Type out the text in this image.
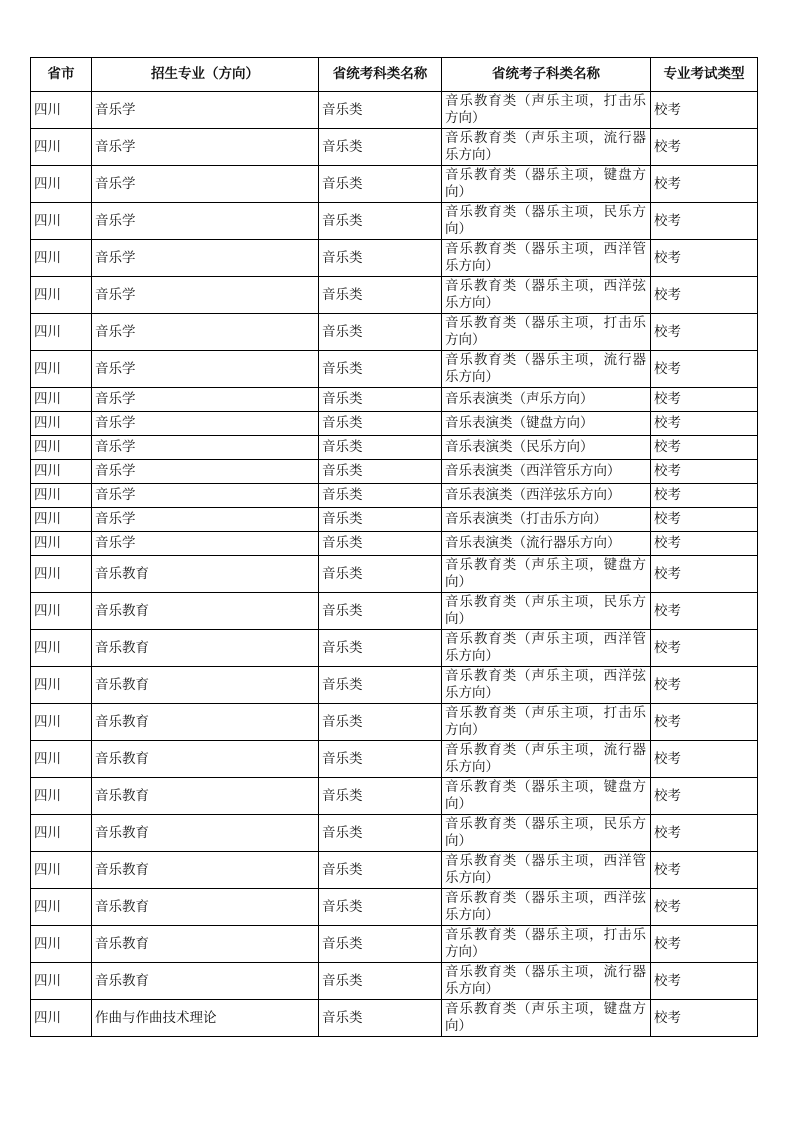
省市	招生专业（方向）	省统考科类名称	省统考子科类名称	专业考试类型
四川	音乐学	音乐类	音乐教育类（声乐主项，打击乐方向）	校考
四川	音乐学	音乐类	音乐教育类（声乐主项，流行器乐方向）	校考
四川	音乐学	音乐类	音乐教育类（器乐主项，键盘方向）	校考
四川	音乐学	音乐类	音乐教育类（器乐主项，民乐方向）	校考
四川	音乐学	音乐类	音乐教育类（器乐主项，西洋管乐方向）	校考
四川	音乐学	音乐类	音乐教育类（器乐主项，西洋弦乐方向）	校考
四川	音乐学	音乐类	音乐教育类（器乐主项，打击乐方向）	校考
四川	音乐学	音乐类	音乐教育类（器乐主项，流行器乐方向）	校考
四川	音乐学	音乐类	音乐表演类（声乐方向）	校考
四川	音乐学	音乐类	音乐表演类（键盘方向）	校考
四川	音乐学	音乐类	音乐表演类（民乐方向）	校考
四川	音乐学	音乐类	音乐表演类（西洋管乐方向）	校考
四川	音乐学	音乐类	音乐表演类（西洋弦乐方向）	校考
四川	音乐学	音乐类	音乐表演类（打击乐方向）	校考
四川	音乐学	音乐类	音乐表演类（流行器乐方向）	校考
四川	音乐教育	音乐类	音乐教育类（声乐主项，键盘方向）	校考
四川	音乐教育	音乐类	音乐教育类（声乐主项，民乐方向）	校考
四川	音乐教育	音乐类	音乐教育类（声乐主项，西洋管乐方向）	校考
四川	音乐教育	音乐类	音乐教育类（声乐主项，西洋弦乐方向）	校考
四川	音乐教育	音乐类	音乐教育类（声乐主项，打击乐方向）	校考
四川	音乐教育	音乐类	音乐教育类（声乐主项，流行器乐方向）	校考
四川	音乐教育	音乐类	音乐教育类（器乐主项，键盘方向）	校考
四川	音乐教育	音乐类	音乐教育类（器乐主项，民乐方向）	校考
四川	音乐教育	音乐类	音乐教育类（器乐主项，西洋管乐方向）	校考
四川	音乐教育	音乐类	音乐教育类（器乐主项，西洋弦乐方向）	校考
四川	音乐教育	音乐类	音乐教育类（器乐主项，打击乐方向）	校考
四川	音乐教育	音乐类	音乐教育类（器乐主项，流行器乐方向）	校考
四川	作曲与作曲技术理论	音乐类	音乐教育类（声乐主项，键盘方向）	校考
